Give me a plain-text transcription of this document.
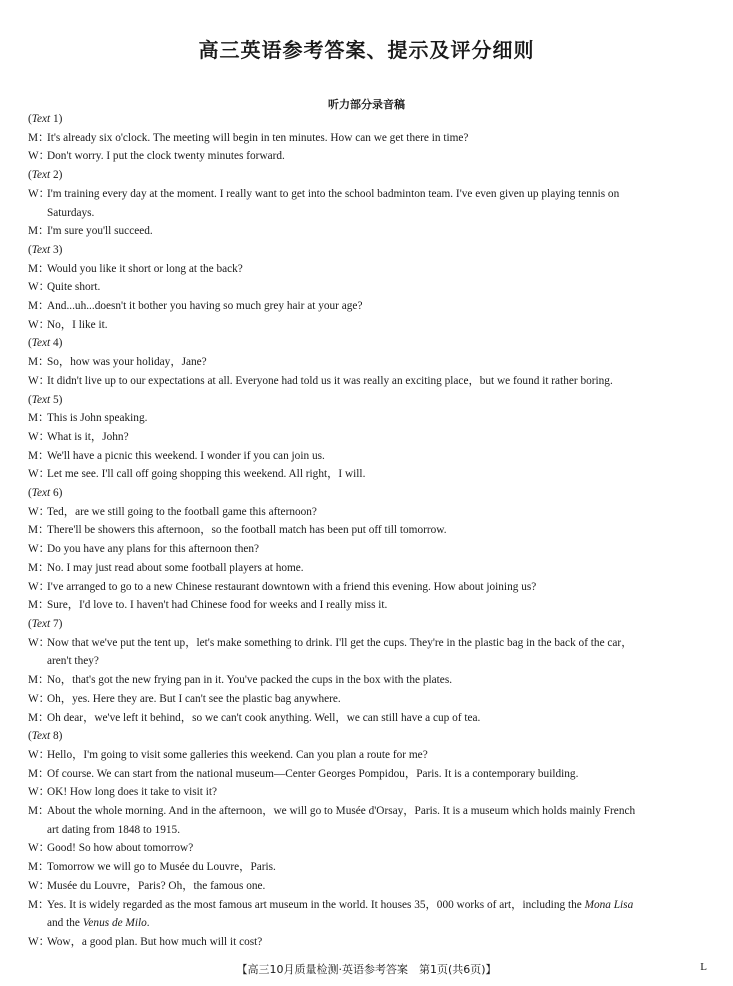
高三英语参考答案、提示及评分细则
听力部分录音稿
(Text 1)
M：
It's already six o'clock. The meeting will begin in ten minutes. How can we get there in time?
W：
Don't worry. I put the clock twenty minutes forward.
(Text 2)
W：
I'm training every day at the moment. I really want to get into the school badminton team. I've even given up playing tennis on
Saturdays.
M：
I'm sure you'll succeed.
(Text 3)
M：
Would you like it short or long at the back?
W：
Quite short.
M：
And...uh...doesn't it bother you having so much grey hair at your age?
W：
No，I like it.
(Text 4)
M：
So，how was your holiday，Jane?
W：
It didn't live up to our expectations at all. Everyone had told us it was really an exciting place，but we found it rather boring.
(Text 5)
M：
This is John speaking.
W：
What is it，John?
M：
We'll have a picnic this weekend. I wonder if you can join us.
W：
Let me see. I'll call off going shopping this weekend. All right，I will.
(Text 6)
W：
Ted，are we still going to the football game this afternoon?
M：
There'll be showers this afternoon，so the football match has been put off till tomorrow.
W：
Do you have any plans for this afternoon then?
M：
No. I may just read about some football players at home.
W：
I've arranged to go to a new Chinese restaurant downtown with a friend this evening. How about joining us?
M：
Sure，I'd love to. I haven't had Chinese food for weeks and I really miss it.
(Text 7)
W：
Now that we've put the tent up，let's make something to drink. I'll get the cups. They're in the plastic bag in the back of the car，
aren't they?
M：
No，that's got the new frying pan in it. You've packed the cups in the box with the plates.
W：
Oh，yes. Here they are. But I can't see the plastic bag anywhere.
M：
Oh dear，we've left it behind，so we can't cook anything. Well，we can still have a cup of tea.
(Text 8)
W：
Hello，I'm going to visit some galleries this weekend. Can you plan a route for me?
M：
Of course. We can start from the national museum—Center Georges Pompidou，Paris. It is a contemporary building.
W：
OK! How long does it take to visit it?
M：
About the whole morning. And in the afternoon，we will go to Musée d'Orsay，Paris. It is a museum which holds mainly French
art dating from 1848 to 1915.
W：
Good! So how about tomorrow?
M：
Tomorrow we will go to Musée du Louvre，Paris.
W：
Musée du Louvre，Paris? Oh，the famous one.
M：
Yes. It is widely regarded as the most famous art museum in the world. It houses 35，000 works of art，including the Mona Lisa
and the Venus de Milo.
W：
Wow，a good plan. But how much will it cost?
【高三10月质量检测·英语参考答案　第1页(共6页)】	L
